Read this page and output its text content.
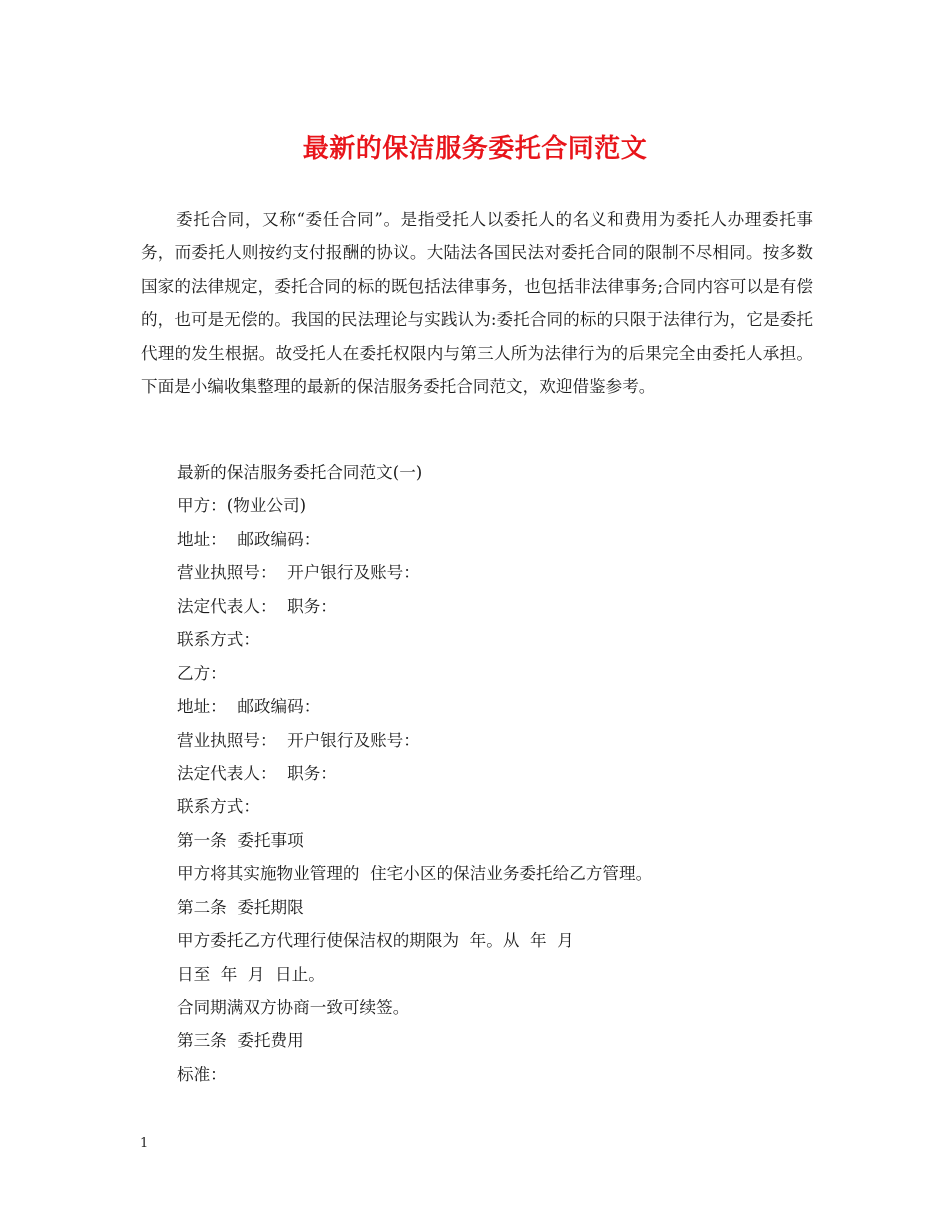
最新的保洁服务委托合同范文

委托合同，又称“委任合同”。是指受托人以委托人的名义和费用为委托人办理委托事务，而委托人则按约支付报酬的协议。大陆法各国民法对委托合同的限制不尽相同。按多数国家的法律规定，委托合同的标的既包括法律事务，也包括非法律事务;合同内容可以是有偿的，也可是无偿的。我国的民法理论与实践认为:委托合同的标的只限于法律行为，它是委托代理的发生根据。故受托人在委托权限内与第三人所为法律行为的后果完全由委托人承担。下面是小编收集整理的最新的保洁服务委托合同范文，欢迎借鉴参考。

最新的保洁服务委托合同范文(一)
甲方：(物业公司)
地址：  邮政编码：
营业执照号：  开户银行及账号：
法定代表人：  职务：
联系方式：
乙方：
地址：  邮政编码：
营业执照号：  开户银行及账号：
法定代表人：  职务：
联系方式：
第一条  委托事项
甲方将其实施物业管理的  住宅小区的保洁业务委托给乙方管理。
第二条  委托期限
甲方委托乙方代理行使保洁权的期限为  年。从  年  月
日至  年  月  日止。
合同期满双方协商一致可续签。
第三条  委托费用
标准：
1
